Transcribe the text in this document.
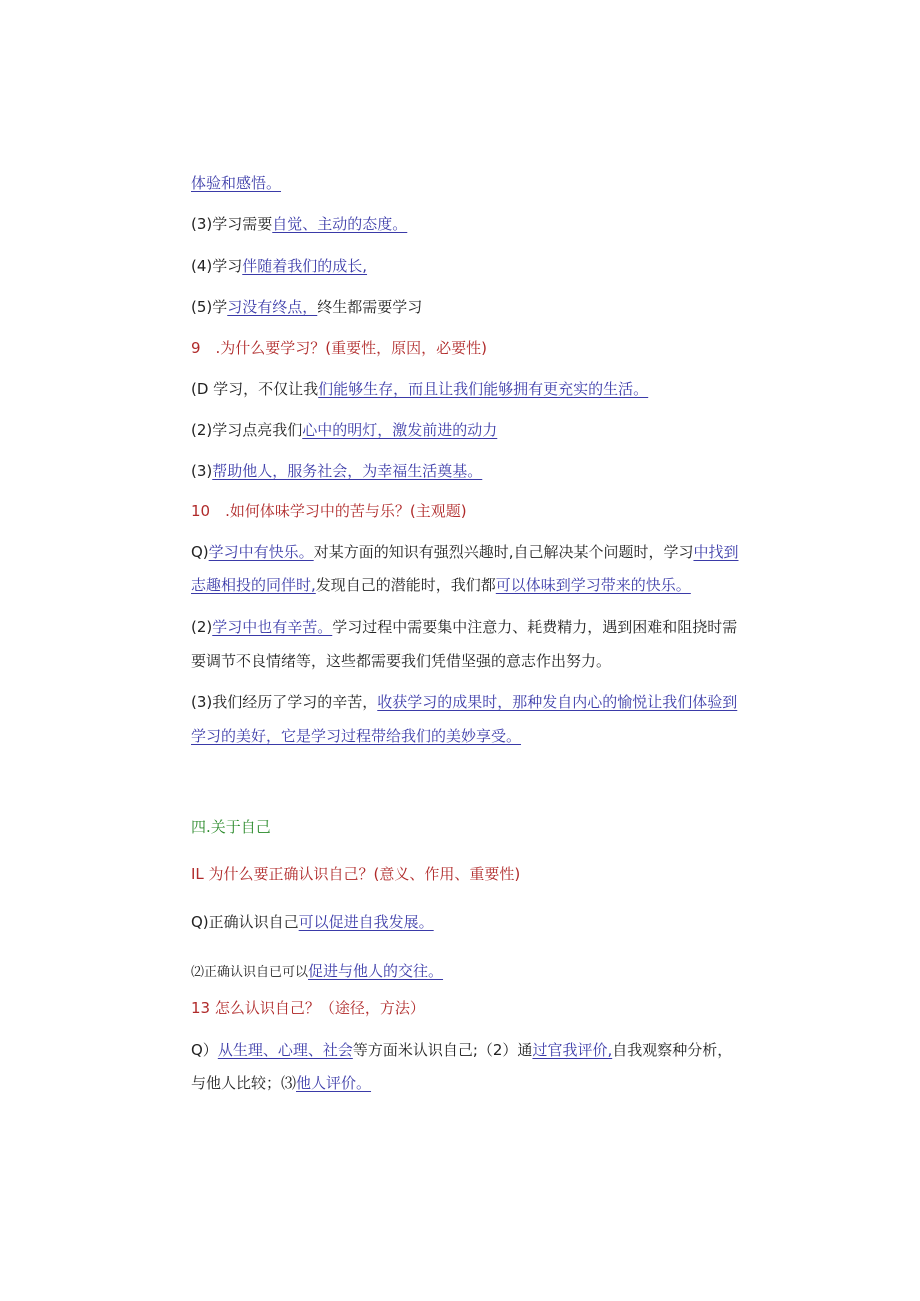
体验和感悟。
(3)学习需要自觉、主动的态度。
(4)学习伴随着我们的成长,
(5)学习没有终点，终生都需要学习
9　.为什么要学习？(重要性，原因，必要性)
(D 学习，不仅让我们能够生存，而且让我们能够拥有更充实的生活。
(2)学习点亮我们心中的明灯，激发前进的动力
(3)帮助他人，服务社会，为幸福生活奠基。
10　.如何体味学习中的苦与乐？(主观题)
Q)学习中有快乐。对某方面的知识有强烈兴趣时,自己解决某个问题时，学习中找到
志趣相投的同伴时,发现自己的潜能时，我们都可以体味到学习带来的快乐。
(2)学习中也有辛苦。学习过程中需要集中注意力、耗费精力，遇到困难和阻挠时需
要调节不良情绪等，这些都需要我们凭借坚强的意志作出努力。
(3)我们经历了学习的辛苦，收获学习的成果时，那种发自内心的愉悦让我们体验到
学习的美好，它是学习过程带给我们的美妙享受。
四.关于自己
IL 为什么要正确认识自己？(意义、作用、重要性)
Q)正确认识自己可以促进自我发展。
⑵正确认识自已可以促进与他人的交往。
13 怎么认识自己？（途径，方法）
Q）从生理、心理、社会等方面米认识自己;（2）通过官我评价,自我观察种分析，
与他人比较；⑶他人评价。
